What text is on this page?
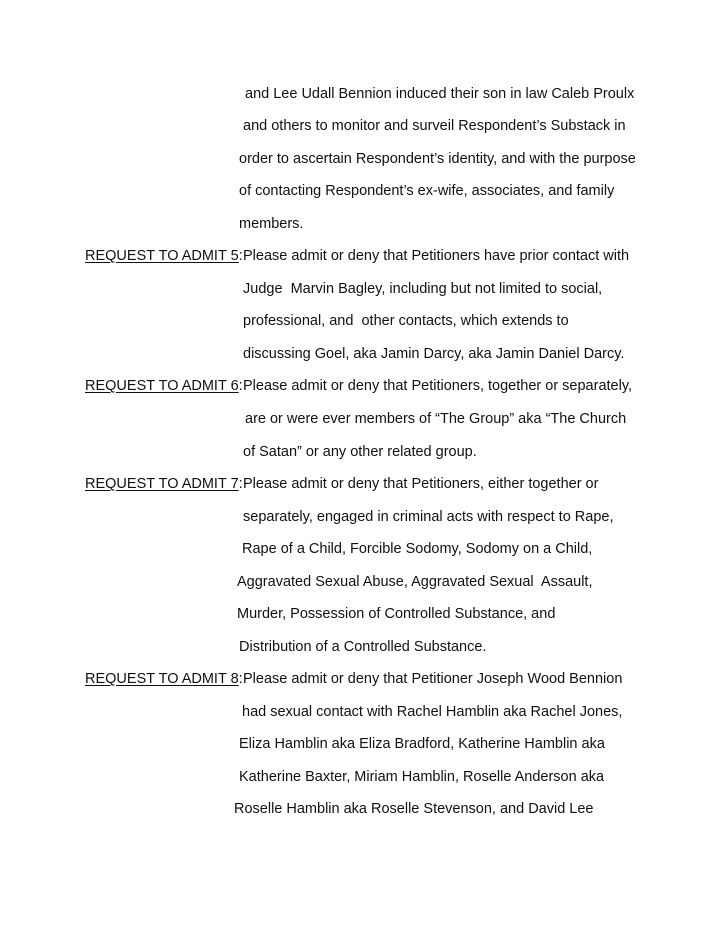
and Lee Udall Bennion induced their son in law Caleb Proulx
and others to monitor and surveil Respondent’s Substack in
order to ascertain Respondent’s identity, and with the purpose
of contacting Respondent’s ex-wife, associates, and family
members.
REQUEST TO ADMIT 5: Please admit or deny that Petitioners have prior contact with
Judge  Marvin Bagley, including but not limited to social,
professional, and  other contacts, which extends to
discussing Goel, aka Jamin Darcy, aka Jamin Daniel Darcy.
REQUEST TO ADMIT 6: Please admit or deny that Petitioners, together or separately,
are or were ever members of “The Group” aka “The Church
of Satan” or any other related group.
REQUEST TO ADMIT 7: Please admit or deny that Petitioners, either together or
separately, engaged in criminal acts with respect to Rape,
Rape of a Child, Forcible Sodomy, Sodomy on a Child,
Aggravated Sexual Abuse, Aggravated Sexual  Assault,
Murder, Possession of Controlled Substance, and
Distribution of a Controlled Substance.
REQUEST TO ADMIT 8: Please admit or deny that Petitioner Joseph Wood Bennion
had sexual contact with Rachel Hamblin aka Rachel Jones,
Eliza Hamblin aka Eliza Bradford, Katherine Hamblin aka
Katherine Baxter, Miriam Hamblin, Roselle Anderson aka
Roselle Hamblin aka Roselle Stevenson, and David Lee
